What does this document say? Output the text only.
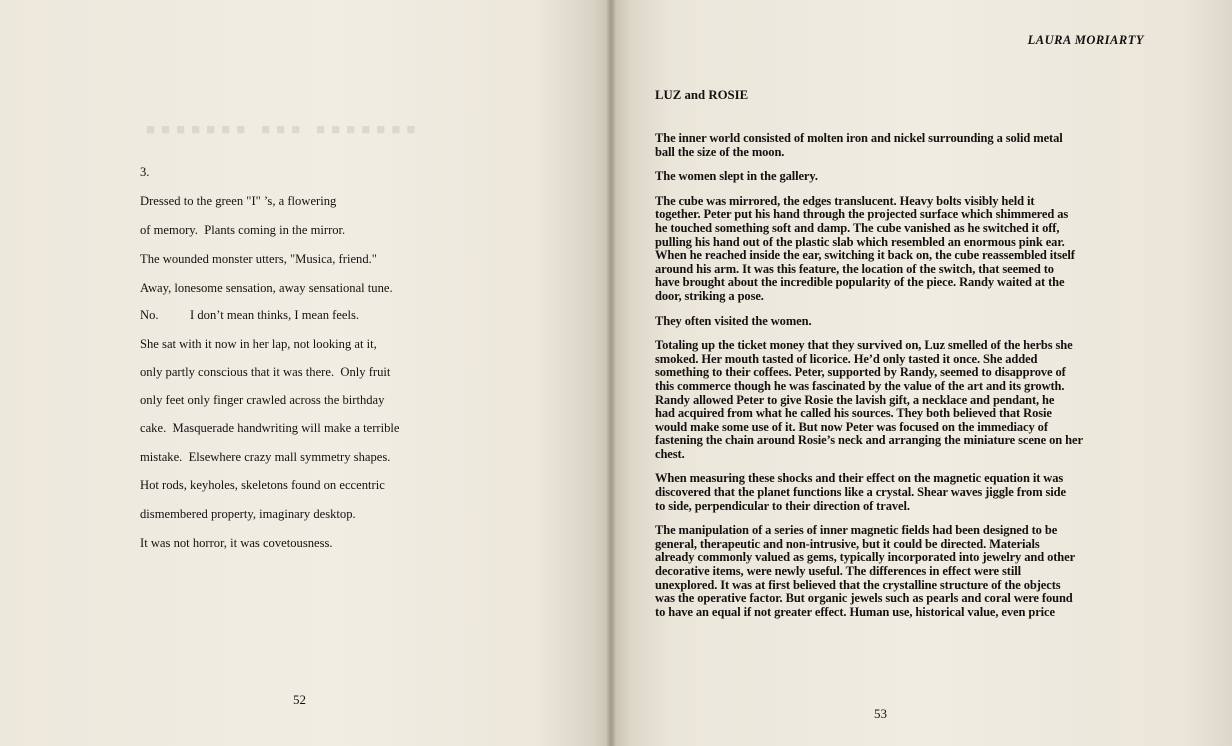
■■■■■■■ ■■■ ■■■■■■■
3.
Dressed to the green "I" ’s, a flowering
of memory.  Plants coming in the mirror.
The wounded monster utters, "Musica, friend."
Away, lonesome sensation, away sensational tune.
No.          I don’t mean thinks, I mean feels.
She sat with it now in her lap, not looking at it,
only partly conscious that it was there.  Only fruit
only feet only finger crawled across the birthday
cake.  Masquerade handwriting will make a terrible
mistake.  Elsewhere crazy mall symmetry shapes.
Hot rods, keyholes, skeletons found on eccentric
dismembered property, imaginary desktop.
It was not horror, it was covetousness.
52
LAURA MORIARTY
LUZ and ROSIE

The inner world consisted of molten iron and nickel surrounding a solid metal
ball the size of the moon.

The women slept in the gallery.

The cube was mirrored, the edges translucent. Heavy bolts visibly held it
together. Peter put his hand through the projected surface which shimmered as
he touched something soft and damp. The cube vanished as he switched it off,
pulling his hand out of the plastic slab which resembled an enormous pink ear.
When he reached inside the ear, switching it back on, the cube reassembled itself
around his arm. It was this feature, the location of the switch, that seemed to
have brought about the incredible popularity of the piece. Randy waited at the
door, striking a pose.

They often visited the women.

Totaling up the ticket money that they survived on, Luz smelled of the herbs she
smoked. Her mouth tasted of licorice. He’d only tasted it once. She added
something to their coffees. Peter, supported by Randy, seemed to disapprove of
this commerce though he was fascinated by the value of the art and its growth.
Randy allowed Peter to give Rosie the lavish gift, a necklace and pendant, he
had acquired from what he called his sources. They both believed that Rosie
would make some use of it. But now Peter was focused on the immediacy of
fastening the chain around Rosie’s neck and arranging the miniature scene on her
chest.

When measuring these shocks and their effect on the magnetic equation it was
discovered that the planet functions like a crystal. Shear waves jiggle from side
to side, perpendicular to their direction of travel.

The manipulation of a series of inner magnetic fields had been designed to be
general, therapeutic and non-intrusive, but it could be directed. Materials
already commonly valued as gems, typically incorporated into jewelry and other
decorative items, were newly useful. The differences in effect were still
unexplored. It was at first believed that the crystalline structure of the objects
was the operative factor. But organic jewels such as pearls and coral were found
to have an equal if not greater effect. Human use, historical value, even price

53
